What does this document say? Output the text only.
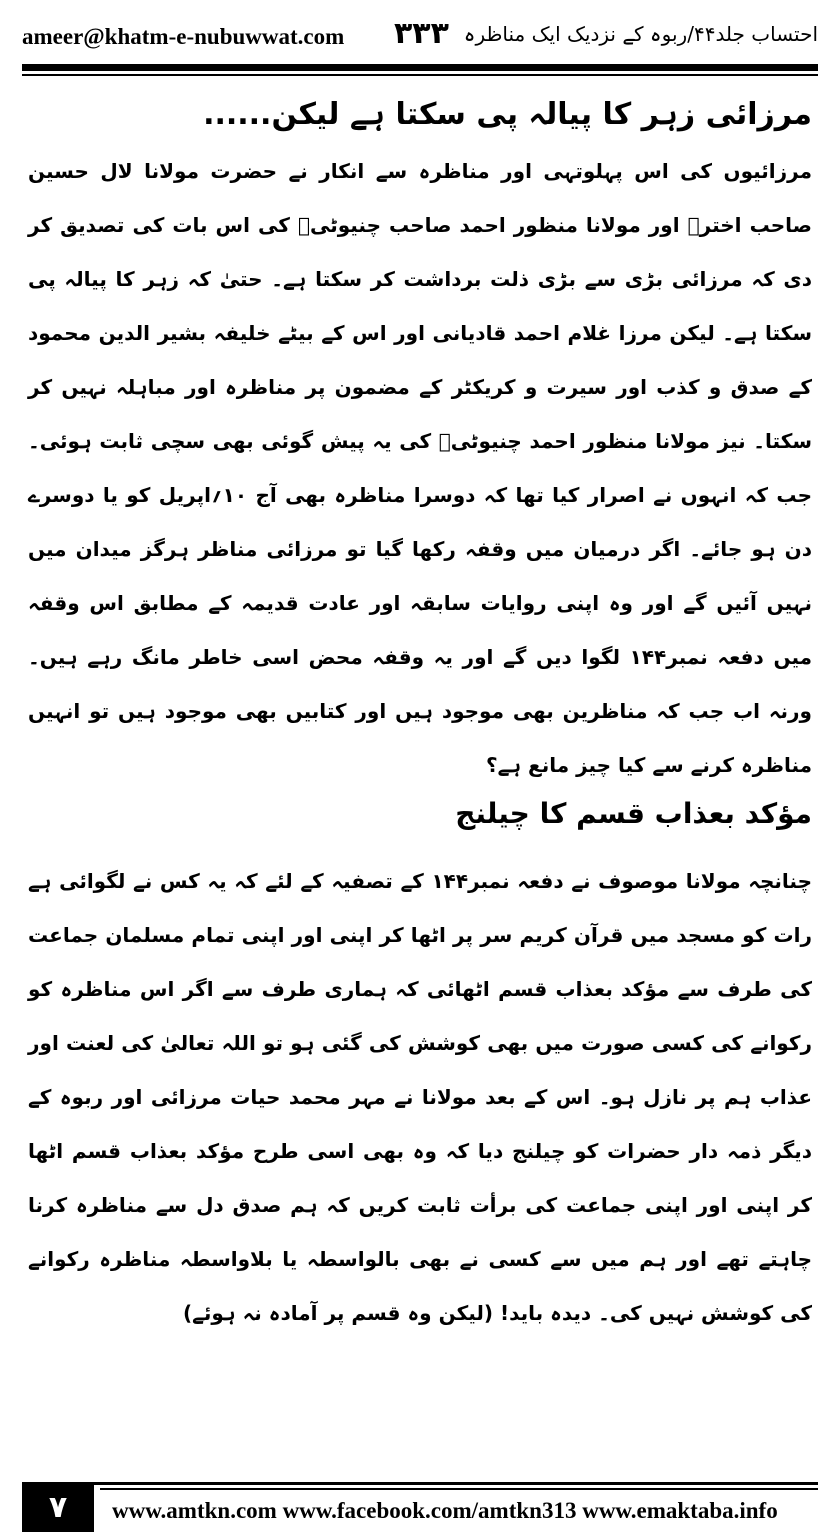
ameer@khatm-e-nubuwwat.com ۳۳۳ احتساب جلد۴۴/ربوہ کے نزدیک ایک مناظرہ
مرزائی زہر کا پیالہ پی سکتا ہے لیکن......

مرزائیوں کی اس پہلوتہی اور مناظرہ سے انکار نے حضرت مولانا لال حسین صاحب اخترؒ اور مولانا منظور احمد صاحب چنیوٹیؒ کی اس بات کی تصدیق کر دی کہ مرزائی بڑی سے بڑی ذلت برداشت کر سکتا ہے۔ حتیٰ کہ زہر کا پیالہ پی سکتا ہے۔ لیکن مرزا غلام احمد قادیانی اور اس کے بیٹے خلیفہ بشیر الدین محمود کے صدق و کذب اور سیرت و کریکٹر کے مضمون پر مناظرہ اور مباہلہ نہیں کر سکتا۔ نیز مولانا منظور احمد چنیوٹیؒ کی یہ پیش گوئی بھی سچی ثابت ہوئی۔ جب کہ انہوں نے اصرار کیا تھا کہ دوسرا مناظرہ بھی آج ۱۰؍اپریل کو یا دوسرے دن ہو جائے۔ اگر درمیان میں وقفہ رکھا گیا تو مرزائی مناظر ہرگز میدان میں نہیں آئیں گے اور وہ اپنی روایات سابقہ اور عادت قدیمہ کے مطابق اس وقفہ میں دفعہ نمبر۱۴۴ لگوا دیں گے اور یہ وقفہ محض اسی خاطر مانگ رہے ہیں۔ ورنہ اب جب کہ مناظرین بھی موجود ہیں اور کتابیں بھی موجود ہیں تو انہیں مناظرہ کرنے سے کیا چیز مانع ہے؟

مؤکد بعذاب قسم کا چیلنج

چنانچہ مولانا موصوف نے دفعہ نمبر۱۴۴ کے تصفیہ کے لئے کہ یہ کس نے لگوائی ہے رات کو مسجد میں قرآن کریم سر پر اٹھا کر اپنی اور اپنی تمام مسلمان جماعت کی طرف سے مؤکد بعذاب قسم اٹھائی کہ ہماری طرف سے اگر اس مناظرہ کو رکوانے کی کسی صورت میں بھی کوشش کی گئی ہو تو اللہ تعالیٰ کی لعنت اور عذاب ہم پر نازل ہو۔ اس کے بعد مولانا نے مہر محمد حیات مرزائی اور ربوہ کے دیگر ذمہ دار حضرات کو چیلنج دیا کہ وہ بھی اسی طرح مؤکد بعذاب قسم اٹھا کر اپنی اور اپنی جماعت کی برأت ثابت کریں کہ ہم صدق دل سے مناظرہ کرنا چاہتے تھے اور ہم میں سے کسی نے بھی بالواسطہ یا بلاواسطہ مناظرہ رکوانے کی کوشش نہیں کی۔ دیدہ باید! (لیکن وہ قسم پر آمادہ نہ ہوئے)

۷	www.amtkn.com www.facebook.com/amtkn313 www.emaktaba.info
